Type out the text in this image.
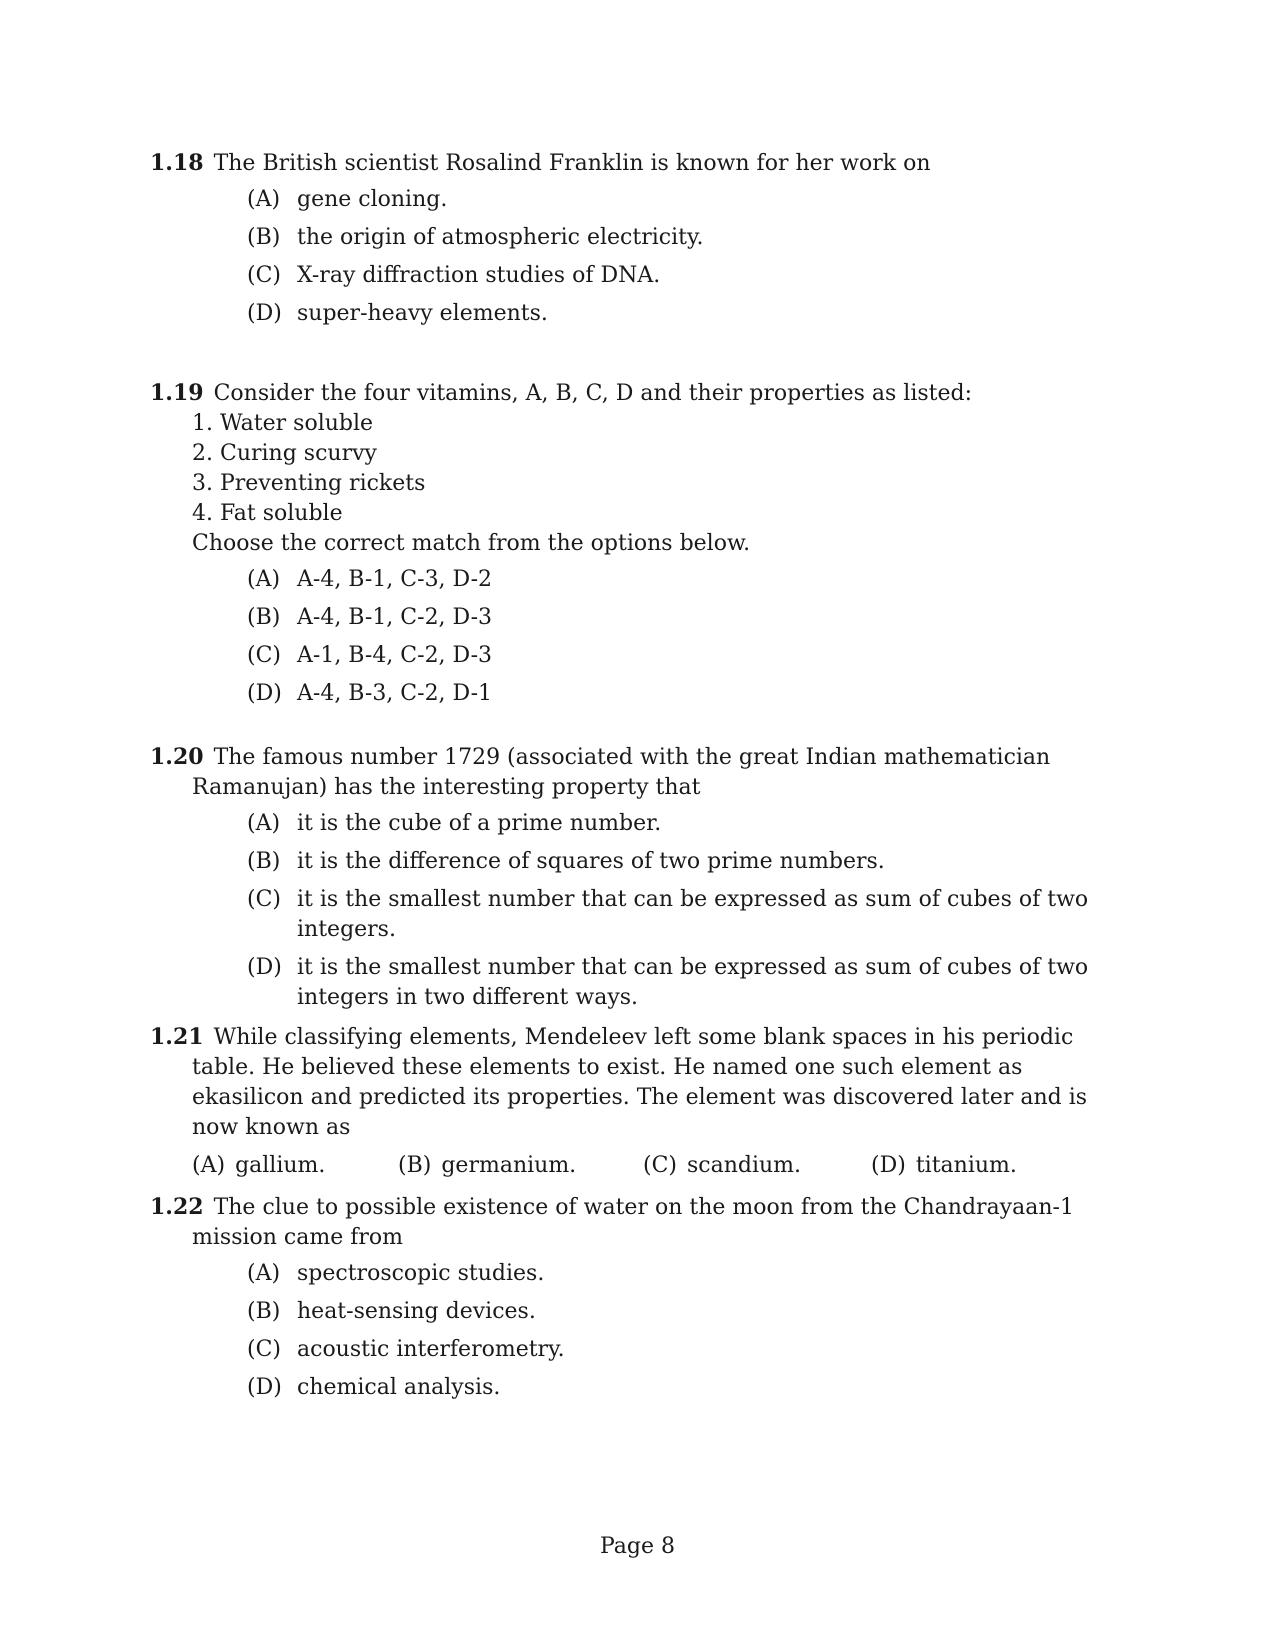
1.18 The British scientist Rosalind Franklin is known for her work on

(A) gene cloning.
(B) the origin of atmospheric electricity.
(C) X-ray diffraction studies of DNA.
(D) super-heavy elements.

1.19 Consider the four vitamins, A, B, C, D and their properties as listed:

1. Water soluble
2. Curing scurvy
3. Preventing rickets
4. Fat soluble

Choose the correct match from the options below.

(A) A-4, B-1, C-3, D-2
(B) A-4, B-1, C-2, D-3
(C) A-1, B-4, C-2, D-3
(D) A-4, B-3, C-2, D-1

1.20 The famous number 1729 (associated with the great Indian mathematician Ramanujan) has the interesting property that

(A) it is the cube of a prime number.
(B) it is the difference of squares of two prime numbers.
(C) it is the smallest number that can be expressed as sum of cubes of two integers.
(D) it is the smallest number that can be expressed as sum of cubes of two integers in two different ways.

1.21 While classifying elements, Mendeleev left some blank spaces in his periodic table. He believed these elements to exist. He named one such element as ekasilicon and predicted its properties. The element was discovered later and is now known as

(A) gallium.	(B) germanium.	(C) scandium.	(D) titanium.

1.22 The clue to possible existence of water on the moon from the Chandrayaan-1 mission came from

(A) spectroscopic studies.
(B) heat-sensing devices.
(C) acoustic interferometry.
(D) chemical analysis.
Page 8
